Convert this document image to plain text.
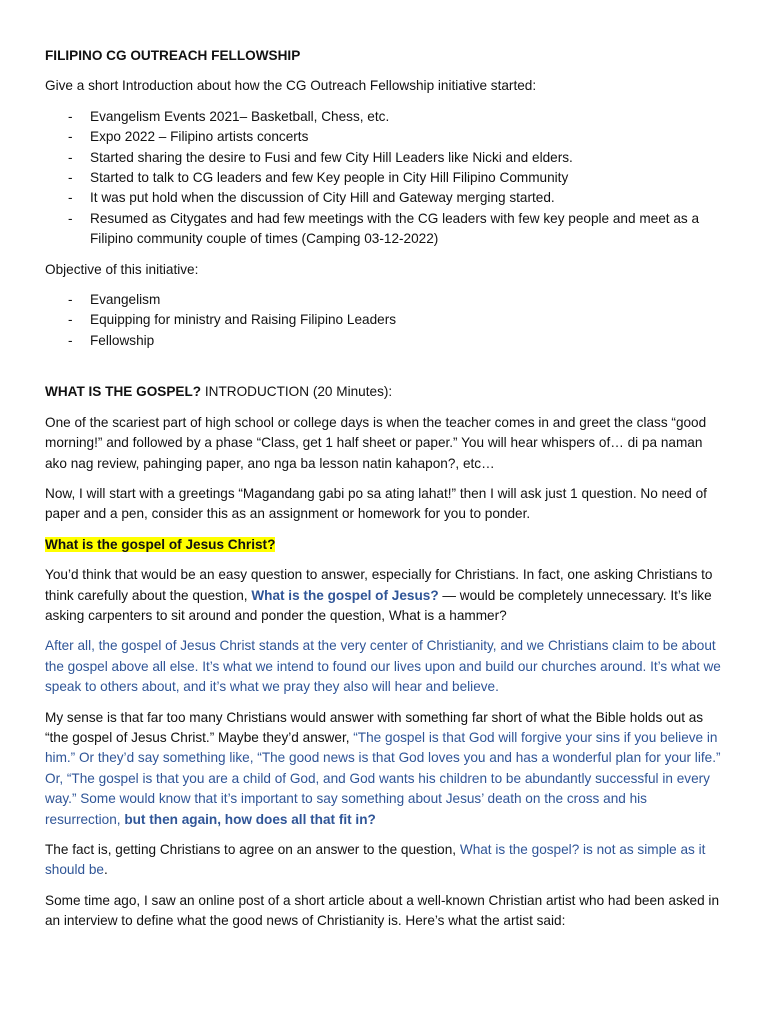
FILIPINO CG OUTREACH FELLOWSHIP

Give a short Introduction about how the CG Outreach Fellowship initiative started:

- Evangelism Events 2021– Basketball, Chess, etc.
- Expo 2022 – Filipino artists concerts
- Started sharing the desire to Fusi and few City Hill Leaders like Nicki and elders.
- Started to talk to CG leaders and few Key people in City Hill Filipino Community
- It was put hold when the discussion of City Hill and Gateway merging started.
- Resumed as Citygates and had few meetings with the CG leaders with few key people and meet as a Filipino community couple of times (Camping 03-12-2022)

Objective of this initiative:

- Evangelism
- Equipping for ministry and Raising Filipino Leaders
- Fellowship

WHAT IS THE GOSPEL? INTRODUCTION (20 Minutes):

One of the scariest part of high school or college days is when the teacher comes in and greet the class “good morning!” and followed by a phase “Class, get 1 half sheet or paper.” You will hear whispers of… di pa naman ako nag review, pahinging paper, ano nga ba lesson natin kahapon?, etc…

Now, I will start with a greetings “Magandang gabi po sa ating lahat!” then I will ask just 1 question. No need of paper and a pen, consider this as an assignment or homework for you to ponder.

What is the gospel of Jesus Christ?

You’d think that would be an easy question to answer, especially for Christians. In fact, one asking Christians to think carefully about the question, What is the gospel of Jesus? — would be completely unnecessary. It’s like asking carpenters to sit around and ponder the question, What is a hammer?

After all, the gospel of Jesus Christ stands at the very center of Christianity, and we Christians claim to be about the gospel above all else. It’s what we intend to found our lives upon and build our churches around. It’s what we speak to others about, and it’s what we pray they also will hear and believe.

My sense is that far too many Christians would answer with something far short of what the Bible holds out as “the gospel of Jesus Christ.” Maybe they’d answer, “The gospel is that God will forgive your sins if you believe in him.” Or they’d say something like, “The good news is that God loves you and has a wonderful plan for your life.” Or, “The gospel is that you are a child of God, and God wants his children to be abundantly successful in every way.” Some would know that it’s important to say something about Jesus’ death on the cross and his resurrection, but then again, how does all that fit in?

The fact is, getting Christians to agree on an answer to the question, What is the gospel? is not as simple as it should be.

Some time ago, I saw an online post of a short article about a well-known Christian artist who had been asked in an interview to define what the good news of Christianity is. Here’s what the artist said:
